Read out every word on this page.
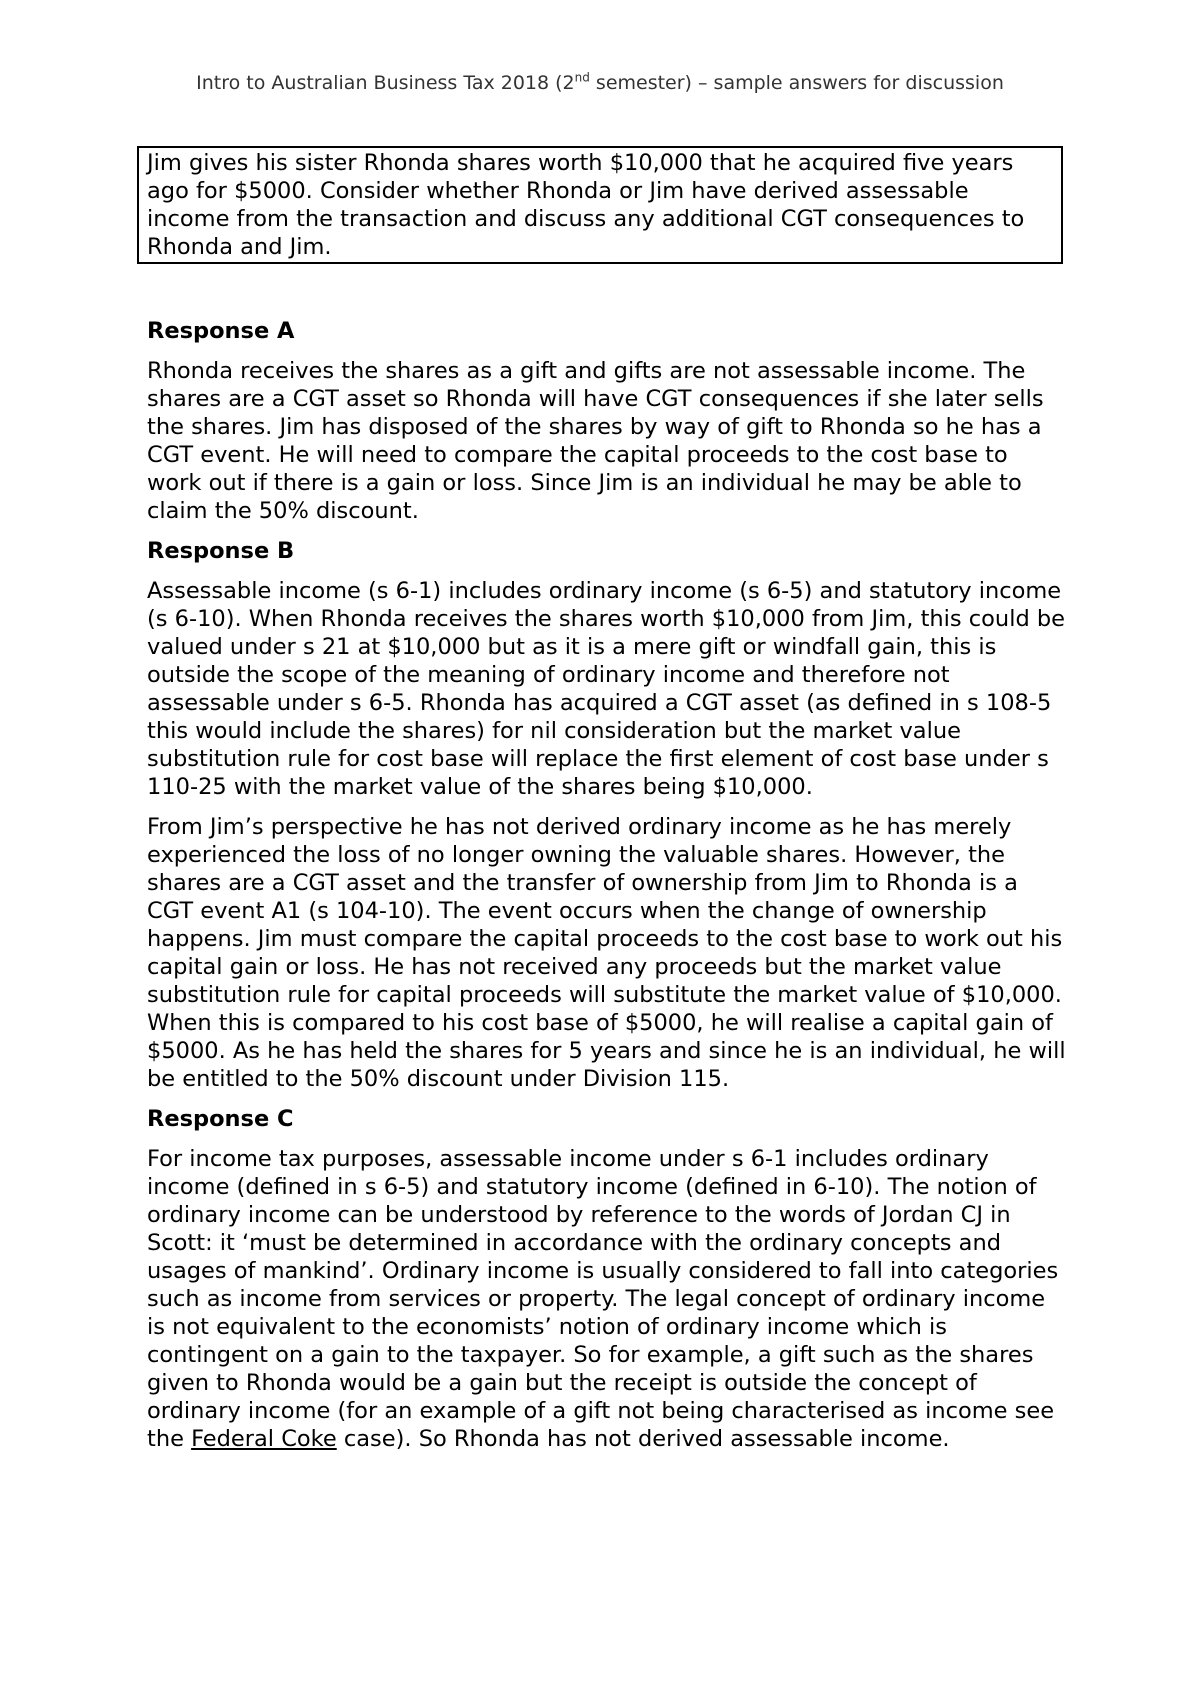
Intro to Australian Business Tax 2018 (2nd semester) – sample answers for discussion
Jim gives his sister Rhonda shares worth $10,000 that he acquired five years ago for $5000. Consider whether Rhonda or Jim have derived assessable income from the transaction and discuss any additional CGT consequences to Rhonda and Jim.
Response A

Rhonda receives the shares as a gift and gifts are not assessable income. The shares are a CGT asset so Rhonda will have CGT consequences if she later sells the shares. Jim has disposed of the shares by way of gift to Rhonda so he has a CGT event. He will need to compare the capital proceeds to the cost base to work out if there is a gain or loss. Since Jim is an individual he may be able to claim the 50% discount.

Response B

Assessable income (s 6-1) includes ordinary income (s 6-5) and statutory income (s 6-10). When Rhonda receives the shares worth $10,000 from Jim, this could be valued under s 21 at $10,000 but as it is a mere gift or windfall gain, this is outside the scope of the meaning of ordinary income and therefore not assessable under s 6-5. Rhonda has acquired a CGT asset (as defined in s 108-5 this would include the shares) for nil consideration but the market value substitution rule for cost base will replace the first element of cost base under s 110-25 with the market value of the shares being $10,000.

From Jim’s perspective he has not derived ordinary income as he has merely experienced the loss of no longer owning the valuable shares. However, the shares are a CGT asset and the transfer of ownership from Jim to Rhonda is a CGT event A1 (s 104-10). The event occurs when the change of ownership happens. Jim must compare the capital proceeds to the cost base to work out his capital gain or loss. He has not received any proceeds but the market value substitution rule for capital proceeds will substitute the market value of $10,000. When this is compared to his cost base of $5000, he will realise a capital gain of $5000. As he has held the shares for 5 years and since he is an individual, he will be entitled to the 50% discount under Division 115.

Response C

For income tax purposes, assessable income under s 6-1 includes ordinary income (defined in s 6-5) and statutory income (defined in 6-10). The notion of ordinary income can be understood by reference to the words of Jordan CJ in Scott: it ‘must be determined in accordance with the ordinary concepts and usages of mankind’. Ordinary income is usually considered to fall into categories such as income from services or property. The legal concept of ordinary income is not equivalent to the economists’ notion of ordinary income which is contingent on a gain to the taxpayer. So for example, a gift such as the shares given to Rhonda would be a gain but the receipt is outside the concept of ordinary income (for an example of a gift not being characterised as income see the Federal Coke case). So Rhonda has not derived assessable income.
